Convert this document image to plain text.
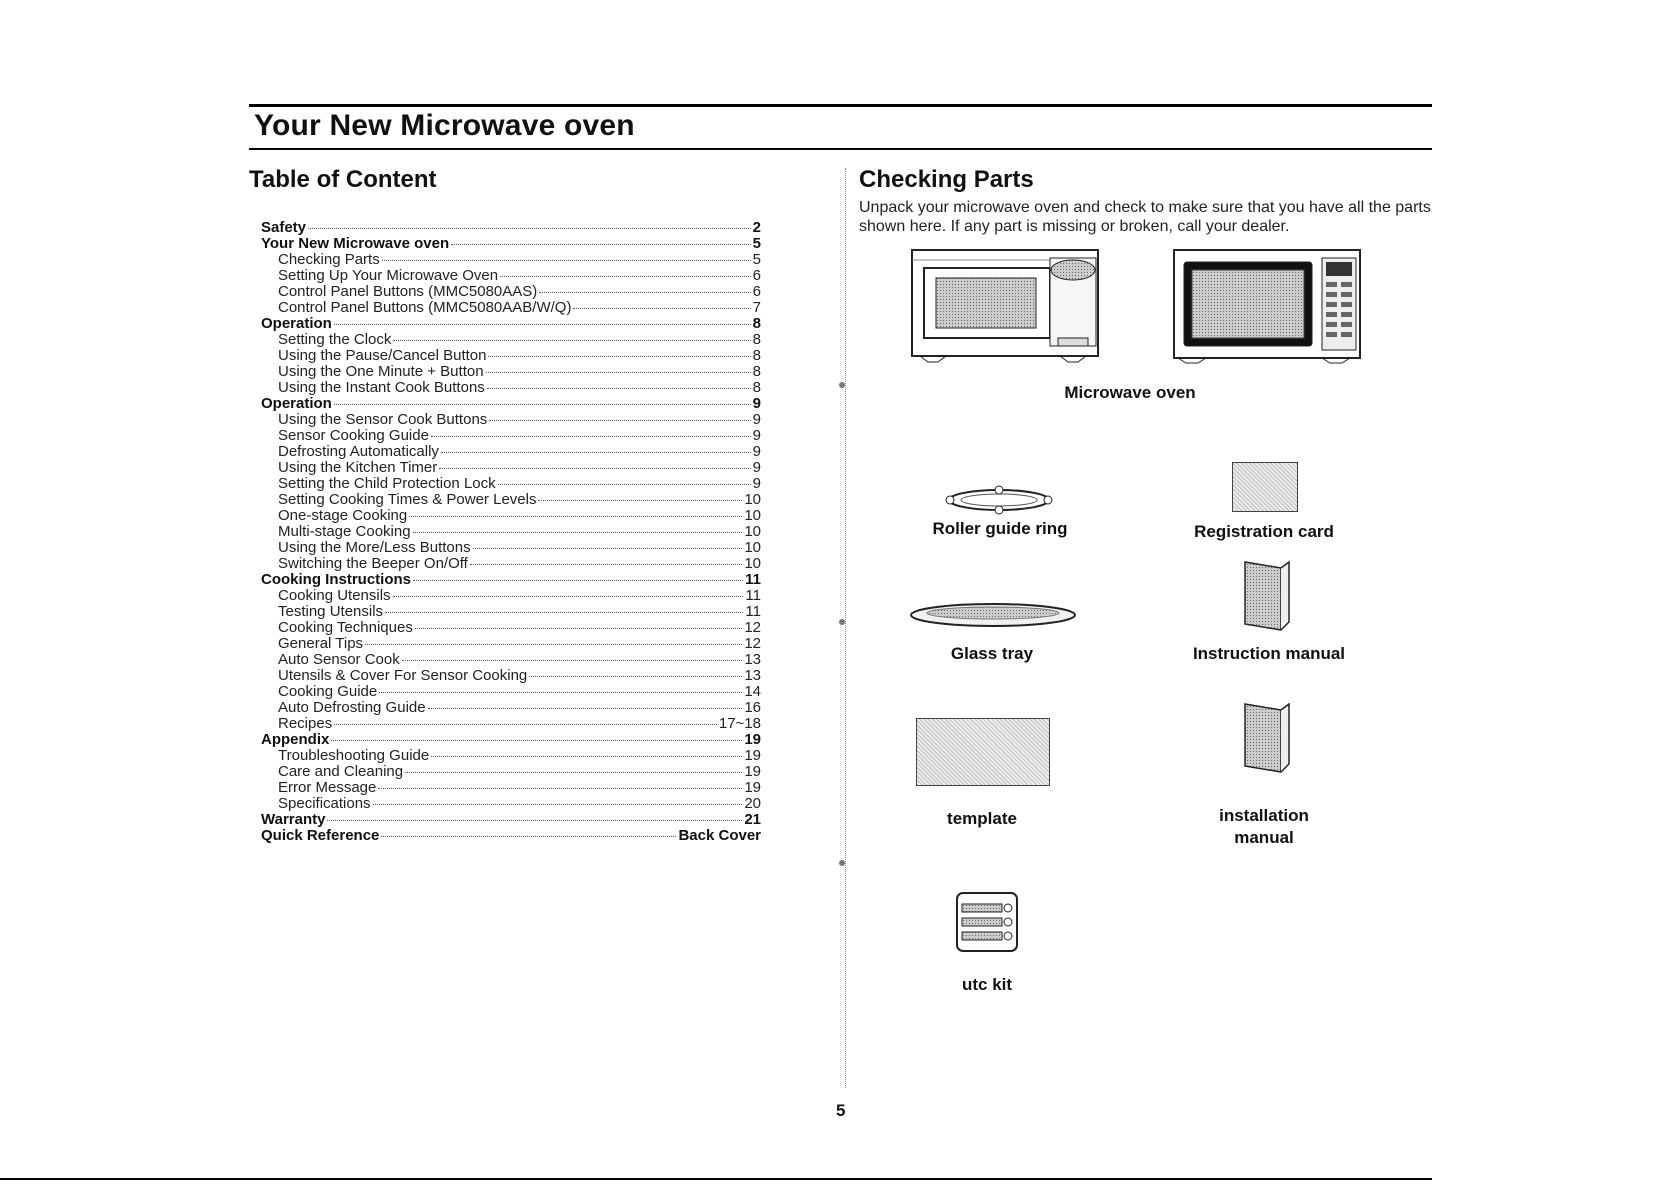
Your New Microwave oven
Table of Content
Safety	2
Your New Microwave oven	5
Checking Parts	5
Setting Up Your Microwave Oven	6
Control Panel Buttons (MMC5080AAS)	6
Control Panel Buttons (MMC5080AAB/W/Q)	7
Operation	8
Setting the Clock	8
Using the Pause/Cancel Button	8
Using the One Minute + Button	8
Using the Instant Cook Buttons	8
Operation	9
Using the Sensor Cook Buttons	9
Sensor Cooking Guide	9
Defrosting Automatically	9
Using the Kitchen Timer	9
Setting the Child Protection Lock	9
Setting Cooking Times & Power Levels	10
One-stage Cooking	10
Multi-stage Cooking	10
Using the More/Less Buttons	10
Switching the Beeper On/Off	10
Cooking Instructions	11
Cooking Utensils	11
Testing Utensils	11
Cooking Techniques	12
General Tips	12
Auto Sensor Cook	13
Utensils & Cover For Sensor Cooking	13
Cooking Guide	14
Auto Defrosting Guide	16
Recipes	17~18
Appendix	19
Troubleshooting Guide	19
Care and Cleaning	19
Error Message	19
Specifications	20
Warranty	21
Quick Reference	Back Cover
Checking Parts
Unpack your microwave oven and check to make sure that you have all the parts shown here. If any part is missing or broken, call your dealer.
Microwave oven
Roller guide ring	Registration card
Glass tray	Instruction manual
template	installation
manual
utc kit
5
